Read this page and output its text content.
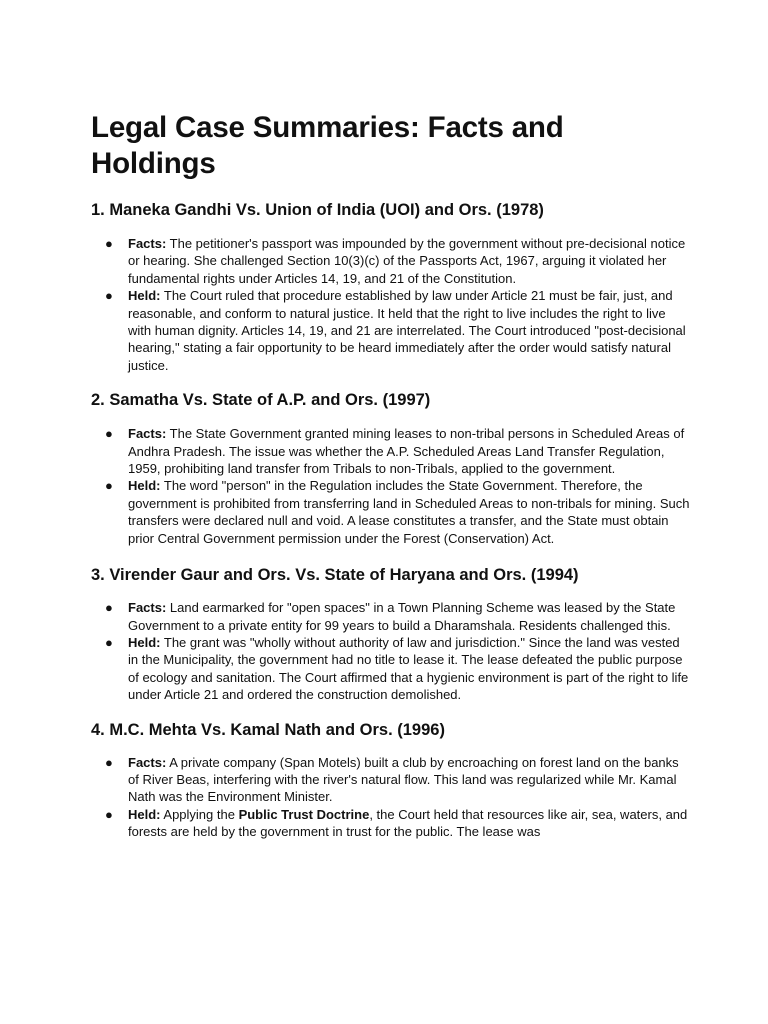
Legal Case Summaries: Facts and Holdings
1. Maneka Gandhi Vs. Union of India (UOI) and Ors. (1978)
● Facts: The petitioner's passport was impounded by the government without pre-decisional notice or hearing. She challenged Section 10(3)(c) of the Passports Act, 1967, arguing it violated her fundamental rights under Articles 14, 19, and 21 of the Constitution.
● Held: The Court ruled that procedure established by law under Article 21 must be fair, just, and reasonable, and conform to natural justice. It held that the right to live includes the right to live with human dignity. Articles 14, 19, and 21 are interrelated. The Court introduced "post-decisional hearing," stating a fair opportunity to be heard immediately after the order would satisfy natural justice.
2. Samatha Vs. State of A.P. and Ors. (1997)
● Facts: The State Government granted mining leases to non-tribal persons in Scheduled Areas of Andhra Pradesh. The issue was whether the A.P. Scheduled Areas Land Transfer Regulation, 1959, prohibiting land transfer from Tribals to non-Tribals, applied to the government.
● Held: The word "person" in the Regulation includes the State Government. Therefore, the government is prohibited from transferring land in Scheduled Areas to non-tribals for mining. Such transfers were declared null and void. A lease constitutes a transfer, and the State must obtain prior Central Government permission under the Forest (Conservation) Act.
3. Virender Gaur and Ors. Vs. State of Haryana and Ors. (1994)
● Facts: Land earmarked for "open spaces" in a Town Planning Scheme was leased by the State Government to a private entity for 99 years to build a Dharamshala. Residents challenged this.
● Held: The grant was "wholly without authority of law and jurisdiction." Since the land was vested in the Municipality, the government had no title to lease it. The lease defeated the public purpose of ecology and sanitation. The Court affirmed that a hygienic environment is part of the right to life under Article 21 and ordered the construction demolished.
4. M.C. Mehta Vs. Kamal Nath and Ors. (1996)
● Facts: A private company (Span Motels) built a club by encroaching on forest land on the banks of River Beas, interfering with the river's natural flow. This land was regularized while Mr. Kamal Nath was the Environment Minister.
● Held: Applying the Public Trust Doctrine, the Court held that resources like air, sea, waters, and forests are held by the government in trust for the public. The lease was
